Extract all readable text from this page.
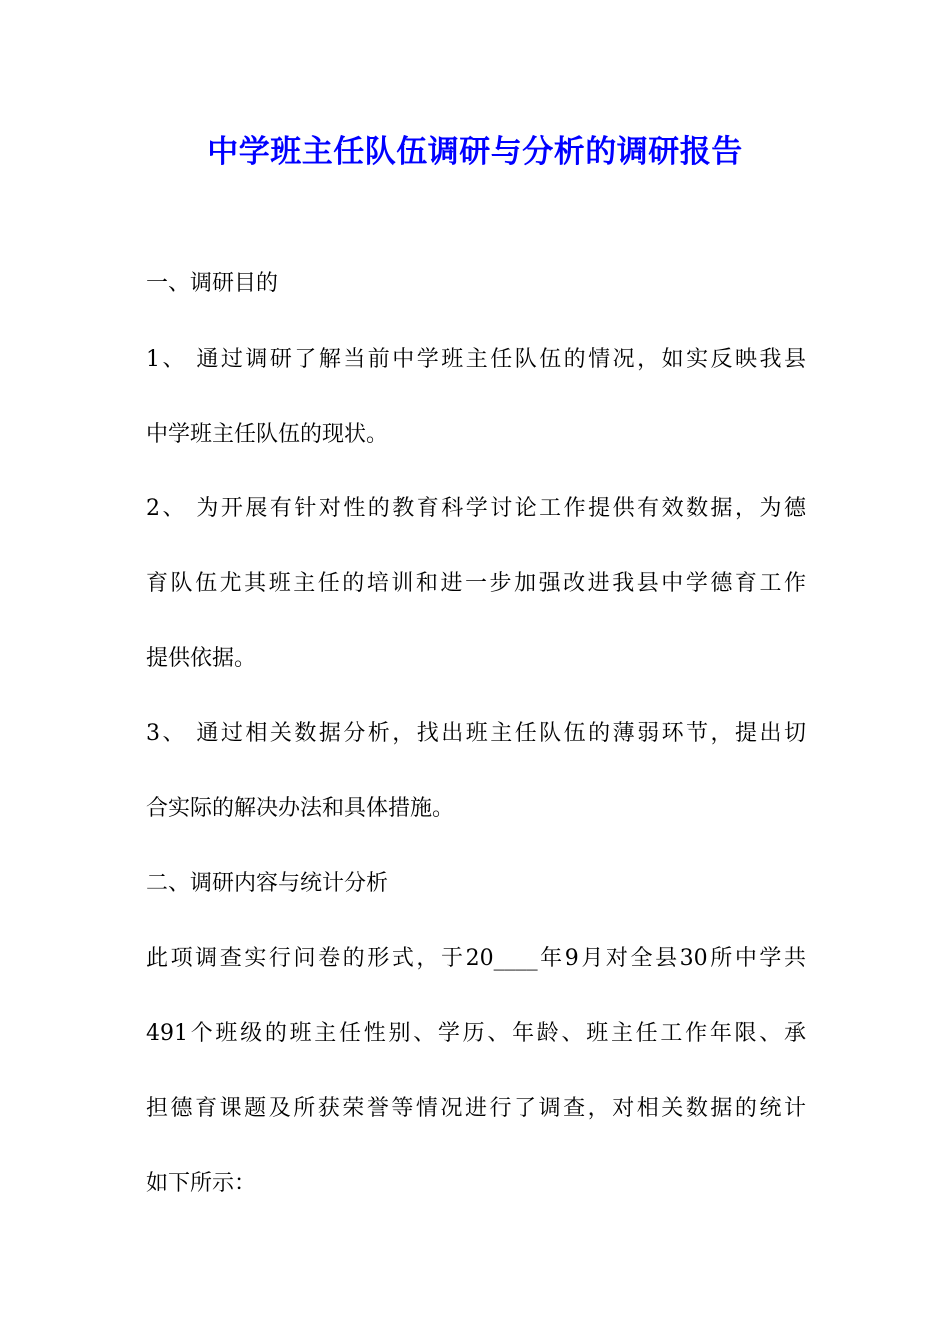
中学班主任队伍调研与分析的调研报告
一、调研目的
1、 通过调研了解当前中学班主任队伍的情况，如实反映我县
中学班主任队伍的现状。
2、 为开展有针对性的教育科学讨论工作提供有效数据，为德
育队伍尤其班主任的培训和进一步加强改进我县中学德育工作
提供依据。
3、 通过相关数据分析，找出班主任队伍的薄弱环节，提出切
合实际的解决办法和具体措施。
二、调研内容与统计分析
此项调查实行问卷的形式，于20____年9月对全县30所中学共
491个班级的班主任性别、学历、年龄、班主任工作年限、承
担德育课题及所获荣誉等情况进行了调查，对相关数据的统计
如下所示：
